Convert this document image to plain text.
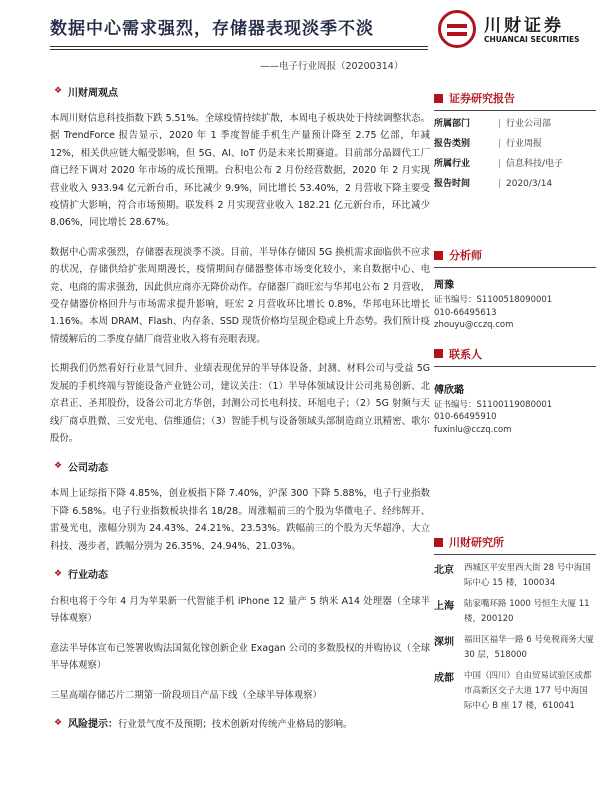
数据中心需求强烈，存储器表现淡季不淡	川财证券
CHUANCAI SECURITIES
——电子行业周报（20200314）
❖ 川财周观点

本周川财信息科技指数下跌 5.51%。全球疫情持续扩散，本周电子板块处于持续调整状态。据 TrendForce 报告显示，2020 年 1 季度智能手机生产量预计降至 2.75 亿部，年减 12%，相关供应链大幅受影响，但 5G、AI、IoT 仍是未来长期赛道。目前部分晶圆代工厂商已经下调对 2020 年市场的成长预期。台积电公布 2 月份经营数据，2020 年 2 月实现营业收入 933.94 亿元新台币，环比减少 9.9%，同比增长 53.40%，2 月营收下降主要受疫情扩大影响，符合市场预期。联发科 2 月实现营业收入 182.21 亿元新台币，环比减少 8.06%，同比增长 28.67%。

数据中心需求强烈，存储器表现淡季不淡。目前，半导体存储因 5G 换机需求面临供不应求的状况，存储供给扩张周期漫长，疫情期间存储器整体市场变化较小，来自数据中心、电竞、电商的需求强劲，因此供应商亦无降价动作。存储器厂商旺宏与华邦电公布 2 月营收，受存储器价格回升与市场需求提升影响，旺宏 2 月营收环比增长 0.8%，华邦电环比增长 1.16%。本周 DRAM、Flash、内存条、SSD 现货价格均呈现企稳或上升态势。我们预计疫情缓解后的二季度存储厂商营业收入将有亮眼表现。

长期我们仍然看好行业景气回升、业绩表现优异的半导体设备、封测、材料公司与受益 5G 发展的手机终端与智能设备产业链公司，建议关注：（1）半导体领域设计公司兆易创新、北京君正、圣邦股份，设备公司北方华创，封测公司长电科技、环旭电子；（2）5G 射频与天线厂商卓胜微、三安光电、信维通信；（3）智能手机与设备领域头部制造商立讯精密、歌尔股份。

❖ 公司动态

本周上证综指下降 4.85%，创业板指下降 7.40%，沪深 300 下降 5.88%，电子行业指数下降 6.58%。电子行业指数板块排名 18/28。周涨幅前三的个股为华微电子、经纬辉开、雷曼光电，涨幅分别为 24.43%、24.21%、23.53%。跌幅前三的个股为天华超净、大立科技、漫步者，跌幅分别为 26.35%、24.94%、21.03%。

❖ 行业动态

台积电将于今年 4 月为苹果新一代智能手机 iPhone 12 量产 5 纳米 A14 处理器（全球半导体观察）

意法半导体宣布已签署收购法国氮化镓创新企业 Exagan 公司的多数股权的并购协议（全球半导体观察）

三星高端存储芯片二期第一阶段项目产品下线（全球半导体观察）

❖ 风险提示： 行业景气度不及预期；技术创新对传统产业格局的影响。
证券研究报告
所属部门	| 行业公司部
报告类别	| 行业周报
所属行业	| 信息科技/电子
报告时间	| 2020/3/14
分析师
周豫
证书编号：S1100518090001
010-66495613
zhouyu@cczq.com
联系人
傅欣璐
证书编号：S1100119080001
010-66495910
fuxinlu@cczq.com
川财研究所
北京	西城区平安里西大街 28 号中海国际中心 15 楼，100034
上海	陆家嘴环路 1000 号恒生大厦 11 楼，200120
深圳	福田区福华一路 6 号免税商务大厦 30 层，518000
成都	中国（四川）自由贸易试验区成都市高新区交子大道 177 号中海国际中心 B 座 17 楼，610041
